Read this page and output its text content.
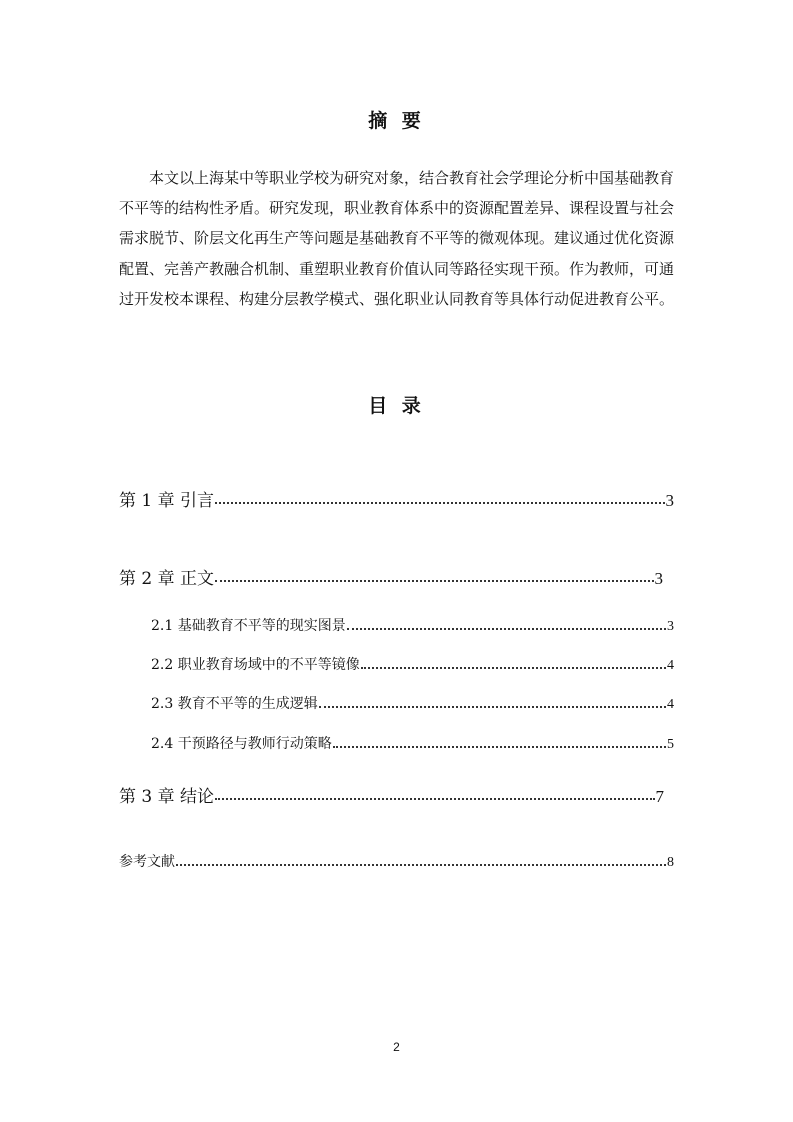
摘 要

本文以上海某中等职业学校为研究对象，结合教育社会学理论分析中国基础教育不平等的结构性矛盾。研究发现，职业教育体系中的资源配置差异、课程设置与社会需求脱节、阶层文化再生产等问题是基础教育不平等的微观体现。建议通过优化资源配置、完善产教融合机制、重塑职业教育价值认同等路径实现干预。作为教师，可通过开发校本课程、构建分层教学模式、强化职业认同教育等具体行动促进教育公平。

目 录
第 1 章 引言	3
第 2 章 正文	3
2.1 基础教育不平等的现实图景	3
2.2 职业教育场域中的不平等镜像	4
2.3 教育不平等的生成逻辑	4
2.4 干预路径与教师行动策略	5
第 3 章 结论	7
参考文献	8
2
